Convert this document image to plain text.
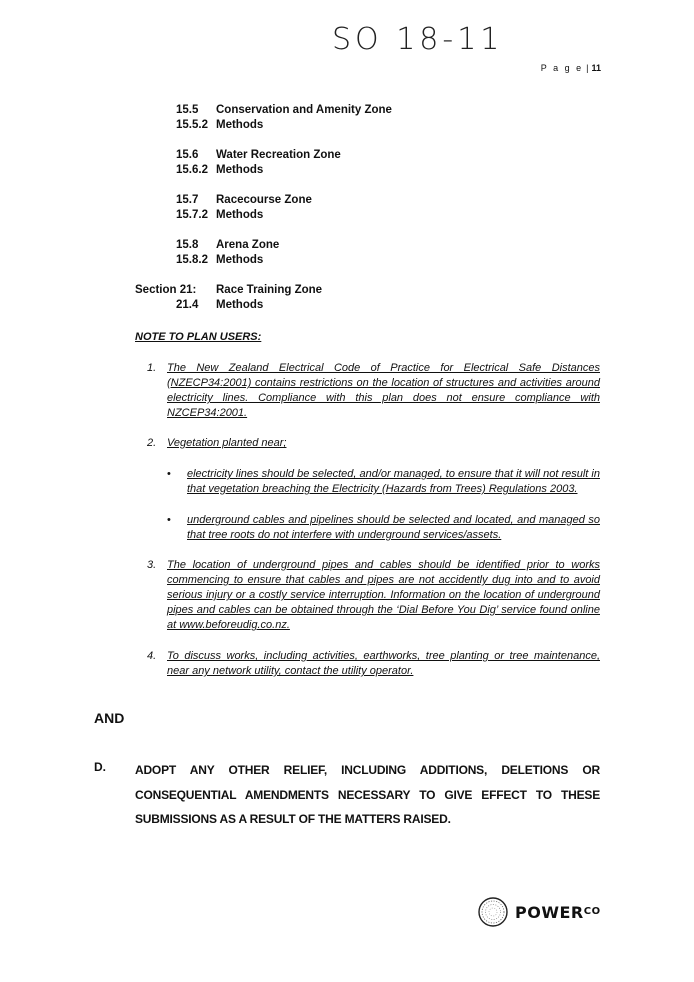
SO 18-11
P a g e | 11
15.5 Conservation and Amenity Zone
15.5.2 Methods
15.6 Water Recreation Zone
15.6.2 Methods
15.7 Racecourse Zone
15.7.2 Methods
15.8 Arena Zone
15.8.2 Methods
Section 21: Race Training Zone
21.4 Methods
NOTE TO PLAN USERS:
1. The New Zealand Electrical Code of Practice for Electrical Safe Distances (NZECP34:2001) contains restrictions on the location of structures and activities around electricity lines. Compliance with this plan does not ensure compliance with NZCEP34:2001.
2. Vegetation planted near;
• electricity lines should be selected, and/or managed, to ensure that it will not result in that vegetation breaching the Electricity (Hazards from Trees) Regulations 2003.
• underground cables and pipelines should be selected and located, and managed so that tree roots do not interfere with underground services/assets.
3. The location of underground pipes and cables should be identified prior to works commencing to ensure that cables and pipes are not accidently dug into and to avoid serious injury or a costly service interruption. Information on the location of underground pipes and cables can be obtained through the ‘Dial Before You Dig’ service found online at www.beforeudig.co.nz.
4. To discuss works, including activities, earthworks, tree planting or tree maintenance, near any network utility, contact the utility operator.
AND
D. ADOPT ANY OTHER RELIEF, INCLUDING ADDITIONS, DELETIONS OR CONSEQUENTIAL AMENDMENTS NECESSARY TO GIVE EFFECT TO THESE SUBMISSIONS AS A RESULT OF THE MATTERS RAISED.
$POWER^{CO}$
